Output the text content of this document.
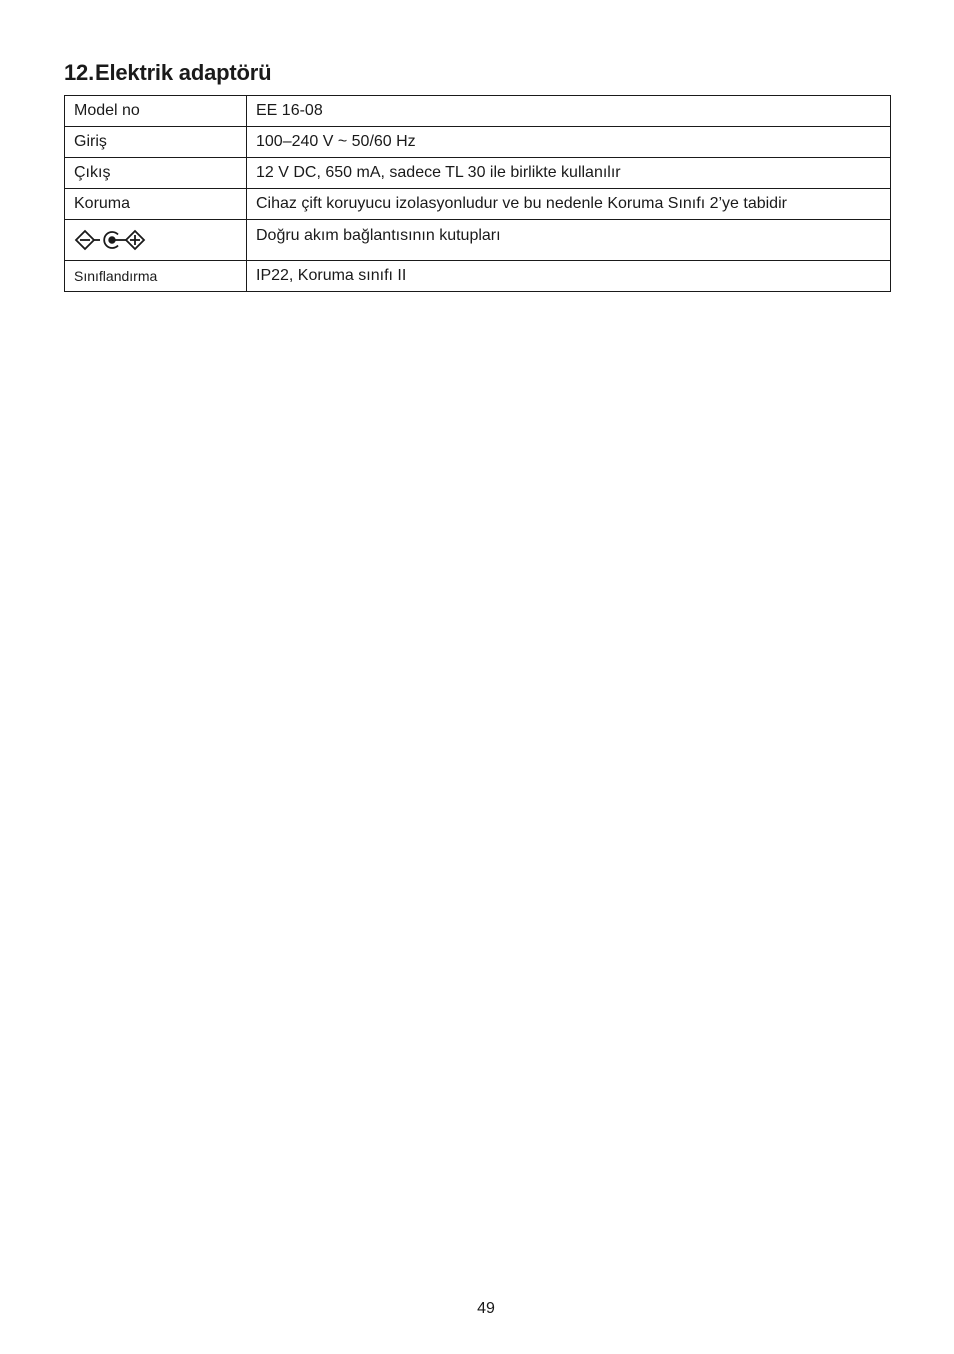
12.Elektrik adaptörü
Model no	EE 16-08
Giriş	100–240 V ~ 50/60 Hz
Çıkış	12 V DC, 650 mA, sadece TL 30 ile birlikte kullanılır
Koruma	Cihaz çift koruyucu izolasyonludur ve bu nedenle Koruma Sınıfı 2’ye tabidir

	Doğru akım bağlantısının kutupları
Sınıflandırma	IP22, Koruma sınıfı II
49
